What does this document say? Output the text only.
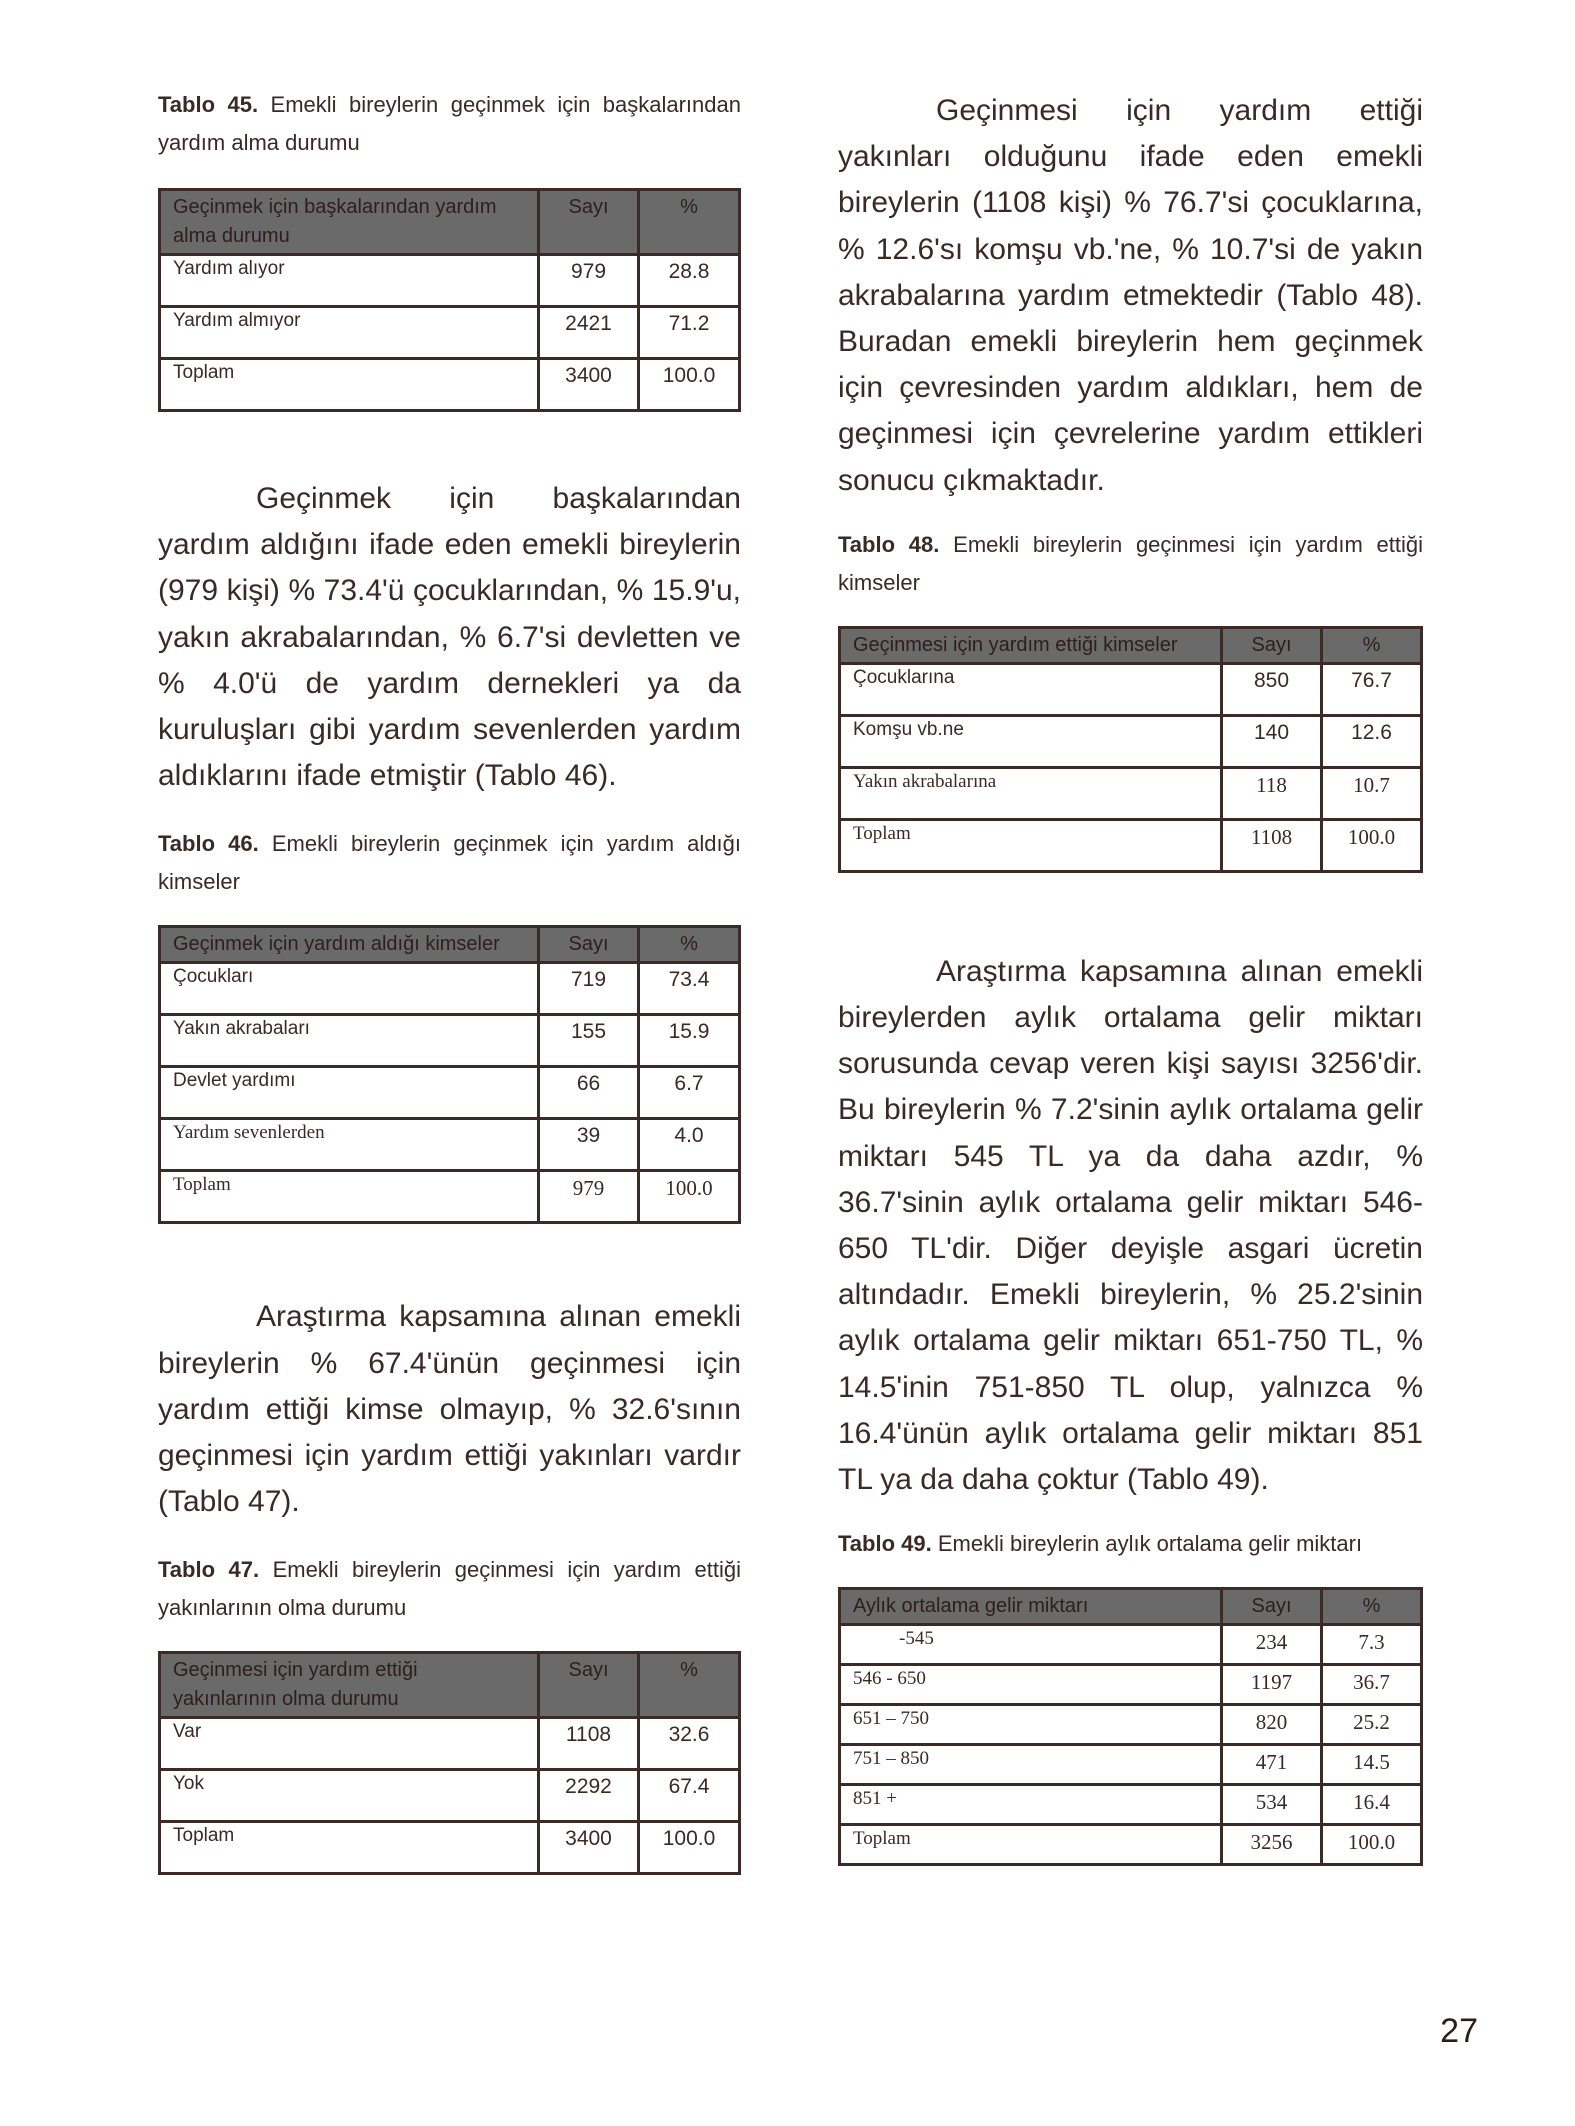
Tablo 45. Emekli bireylerin geçinmek için başkalarından yardım alma durumu

Geçinmek için başkalarından yardım alma durumu	Sayı	%
Yardım alıyor	979	28.8
Yardım almıyor	2421	71.2
Toplam	3400	100.0

Geçinmek için başkalarından yardım aldığını ifade eden emekli bireylerin (979 kişi) % 73.4'ü çocuklarından, % 15.9'u, yakın akrabalarından, % 6.7'si devletten ve % 4.0'ü de yardım dernekleri ya da kuruluşları gibi yardım sevenlerden yardım aldıklarını ifade etmiştir (Tablo 46).

Tablo 46. Emekli bireylerin geçinmek için yardım aldığı kimseler

Geçinmek için yardım aldığı kimseler	Sayı	%
Çocukları	719	73.4
Yakın akrabaları	155	15.9
Devlet yardımı	66	6.7
Yardım sevenlerden	39	4.0
Toplam	979	100.0

Araştırma kapsamına alınan emekli bireylerin % 67.4'ünün geçinmesi için yardım ettiği kimse olmayıp, % 32.6'sının geçinmesi için yardım ettiği yakınları vardır (Tablo 47).

Tablo 47. Emekli bireylerin geçinmesi için yardım ettiği yakınlarının olma durumu

Geçinmesi için yardım ettiği yakınlarının olma durumu	Sayı	%
Var	1108	32.6
Yok	2292	67.4
Toplam	3400	100.0

Geçinmesi için yardım ettiği yakınları olduğunu ifade eden emekli bireylerin (1108 kişi) % 76.7'si çocuklarına, % 12.6'sı komşu vb.'ne, % 10.7'si de yakın akrabalarına yardım etmektedir (Tablo 48). Buradan emekli bireylerin hem geçinmek için çevresinden yardım aldıkları, hem de geçinmesi için çevrelerine yardım ettikleri sonucu çıkmaktadır.

Tablo 48. Emekli bireylerin geçinmesi için yardım ettiği kimseler

Geçinmesi için yardım ettiği kimseler	Sayı	%
Çocuklarına	850	76.7
Komşu vb.ne	140	12.6
Yakın akrabalarına	118	10.7
Toplam	1108	100.0

Araştırma kapsamına alınan emekli bireylerden aylık ortalama gelir miktarı sorusunda cevap veren kişi sayısı 3256'dir. Bu bireylerin % 7.2'sinin aylık ortalama gelir miktarı 545 TL ya da daha azdır, % 36.7'sinin aylık ortalama gelir miktarı 546-650 TL'dir. Diğer deyişle asgari ücretin altındadır. Emekli bireylerin, % 25.2'sinin aylık ortalama gelir miktarı 651-750 TL, % 14.5'inin 751-850 TL olup, yalnızca % 16.4'ünün aylık ortalama gelir miktarı 851 TL ya da daha çoktur (Tablo 49).

Tablo 49. Emekli bireylerin aylık ortalama gelir miktarı

Aylık ortalama gelir miktarı	Sayı	%
-545	234	7.3
546 - 650	1197	36.7
651 – 750	820	25.2
751 – 850	471	14.5
851 +	534	16.4
Toplam	3256	100.0
27
